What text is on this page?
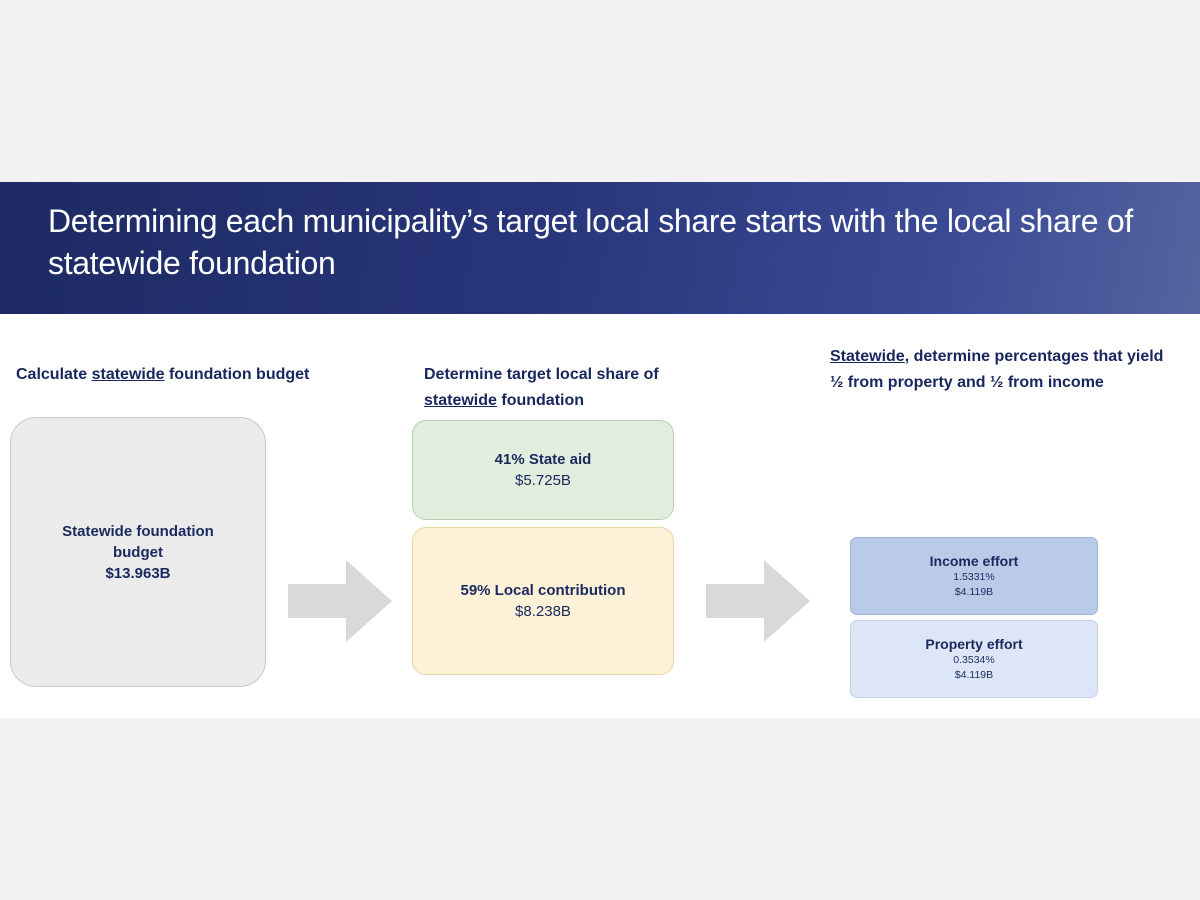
Determining each municipality’s target local share starts with the local share of statewide foundation
Calculate statewide foundation budget	Determine target local share of statewide foundation
Statewide, determine percentages that yield ½ from property and ½ from income
Statewide foundation
budget
$13.963B
41% State aid
$5.725B
59% Local contribution
$8.238B
Income effort
1.5331%
$4.119B
Property effort
0.3534%
$4.119B
